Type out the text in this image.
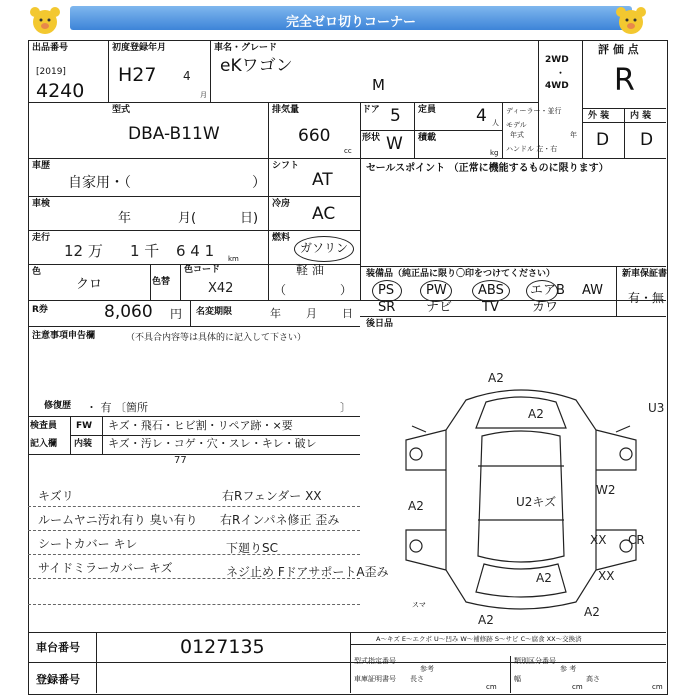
完全ゼロ切りコーナー
出品番号
[2019]
4240
初度登録年月
H27 4
月
車名・グレード
eKワゴン
M
2WD
・
4WD
評 価 点
R
外 装 内 装
D D
型式
DBA-B11W
排気量
660
cc
ドア 5 定員 4 人
形状 W 積載
kg
ディーラー・並行
モデル
年式	年
ハンドル 左・右
車歴
自家用・（	）
シフト
AT
セールスポイント （正常に機能するものに限ります）
車検
年	月(	日)
冷房 AC
走行
12 万 1 千 6 4 1 km
燃料
ガソリン
軽 油
（	）
色
クロ	色替
色コード
X42
装備品（純正品に限り〇印をつけてください）
PS PW ABS エアB AW
SR ナビ TV	カワ
新車保証書
有・無
R券	8,060 円 名変期限	年 月 日
後日品
注意事項申告欄	（不具合内容等は具体的に記入して下さい）
修復歴 ・ 有 〔箇所	〕
検査員 FW キズ・飛石・ヒビ割・リペア跡・×要
記入欄 内装 キズ・汚レ・コゲ・穴・スレ・キレ・破レ
77
キズリ
ルームヤニ汚れ有り 臭い有り
シートカバー キレ
サイドミラーカバー キズ
右Rフェンダー XX
右Rインパネ修正 歪み
下廻りSC
ネジ止め FドアサポートA歪み
A2
A2	U3
A2	U2キズ
W2
XX CR
XX
A2
A2
A2
スマ
車台番号	0127135
登録番号
A～キズ E～エクボ U～凹み W～補修跡 S～サビ C～腐食 XX～交換済
型式指定番号	類別区分番号
車庫証明書号
参考	参 考
長さ
cm
幅
cm
高さ
cm
